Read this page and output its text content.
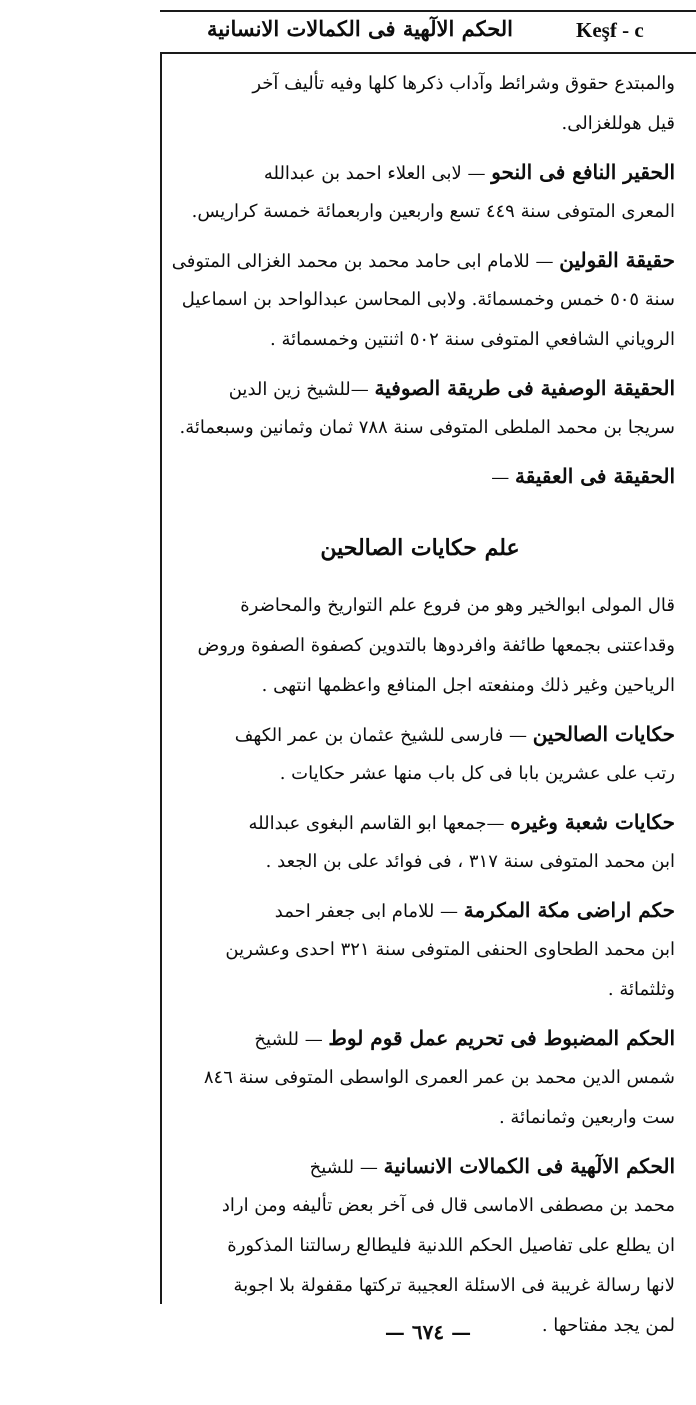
الحكم الالٓهية فى الكمالات الانسانية	Keşf - c
والمبتدع حقوق وشرائط وآداب ذكرها كلها وفيه تأليف آخر
قيل هوللغزالى.
الحقير النافع فى النحو — لابى العلاء احمد بن عبدالله
المعرى المتوفى سنة ٤٤٩ تسع واربعين واربعمائة خمسة كراريس.
حقيقة القولين — للامام ابى حامد محمد بن محمد الغزالى المتوفى
سنة ٥٠٥ خمس وخمسمائة. ولابى المحاسن عبدالواحد بن اسماعيل
الروياني الشافعي المتوفى سنة ٥٠٢ اثنتين وخمسمائة .
الحقيقة الوصفية فى طريقة الصوفية —للشيخ زين الدين
سريجا بن محمد الملطى المتوفى سنة ٧٨٨ ثمان وثمانين وسبعمائة.
الحقيقة فى العقيقة —
علم حكايات الصالحين
قال المولى ابوالخير وهو من فروع علم التواريخ والمحاضرة
وقداعتنى بجمعها طائفة وافردوها بالتدوين كصفوة الصفوة وروض
الرياحين وغير ذلك ومنفعته اجل المنافع واعظمها انتهى .
حكايات الصالحين — فارسى للشيخ عثمان بن عمر الكهف
رتب على عشرين بابا فى كل باب منها عشر حكايات .
حكايات شعبة وغيره —جمعها ابو القاسم البغوى عبدالله
ابن محمد المتوفى سنة ٣١٧ ، فى فوائد على بن الجعد .
حكم اراضى مكة المكرمة — للامام ابى جعفر احمد
ابن محمد الطحاوى الحنفى المتوفى سنة ٣٢١ احدى وعشرين
وثلثمائة .
الحكم المضبوط فى تحريم عمل قوم لوط — للشيخ
شمس الدين محمد بن عمر العمرى الواسطى المتوفى سنة ٨٤٦
ست واربعين وثمانمائة .
الحكم الالٓهية فى الكمالات الانسانية — للشيخ
محمد بن مصطفى الاماسى قال فى آخر بعض تأليفه ومن اراد
ان يطلع على تفاصيل الحكم اللدنية فليطالع رسالتنا المذكورة
لانها رسالة غريبة فى الاسئلة العجيبة تركتها مقفولة بلا اجوبة
لمن يجد مفتاحها .
— ٦٧٤ —
